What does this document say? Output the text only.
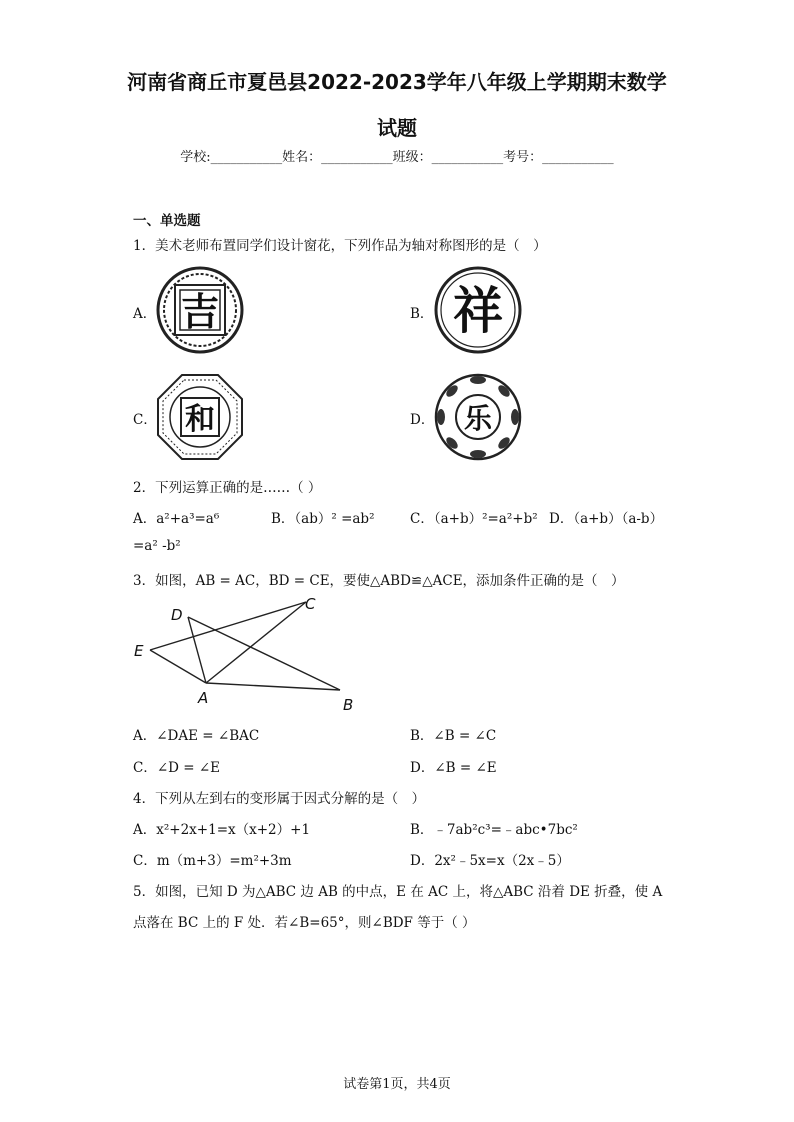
河南省商丘市夏邑县2022-2023学年八年级上学期期末数学
试题
学校:___________姓名：___________班级：___________考号：___________
一、单选题
1．美术老师布置同学们设计窗花，下列作品为轴对称图形的是（　）
A． 吉	B． 祥
C． 和	D． 乐
2．下列运算正确的是……（ ）
A．a²+a³=a⁶	B．（ab）² =ab²	C．（a+b）²=a²+b² D．（a+b）（a-b）
=a² -b²
3．如图，AB = AC，BD = CE，要使△ABD≌△ACE，添加条件正确的是（　）
D
C
E
A	B
A．∠DAE = ∠BAC	B．∠B = ∠C
C．∠D = ∠E	D．∠B = ∠E
4．下列从左到右的变形属于因式分解的是（　）
A．x²+2x+1=x（x+2）+1	B．﹣7ab²c³=﹣abc•7bc²
C．m（m+3）=m²+3m	D．2x²﹣5x=x（2x﹣5）
5．如图，已知 D 为△ABC 边 AB 的中点，E 在 AC 上，将△ABC 沿着 DE 折叠，使 A
点落在 BC 上的 F 处．若∠B=65°，则∠BDF 等于（ ）
试卷第1页，共4页
